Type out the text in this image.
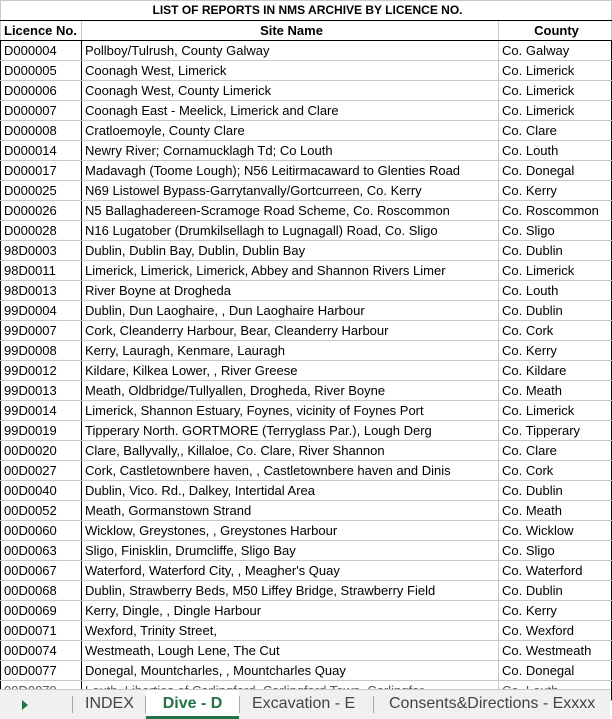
LIST OF REPORTS IN NMS ARCHIVE BY LICENCE NO.		
Licence No.	Site Name	County
D000004	Pollboy/Tulrush, County Galway	Co. Galway
D000005	Coonagh West, Limerick	Co. Limerick
D000006	Coonagh West, County Limerick	Co. Limerick
D000007	Coonagh East - Meelick, Limerick and Clare	Co. Limerick
D000008	Cratloemoyle, County Clare	Co. Clare
D000014	Newry River; Cornamucklagh Td; Co Louth	Co. Louth
D000017	Madavagh (Toome Lough); N56 Leitirmacaward to Glenties Road	Co. Donegal
D000025	N69 Listowel Bypass-Garrytanvally/Gortcurreen, Co. Kerry	Co. Kerry
D000026	N5 Ballaghadereen-Scramoge Road Scheme, Co. Roscommon	Co. Roscommon
D000028	N16 Lugatober (Drumkilsellagh to Lugnagall) Road, Co. Sligo	Co. Sligo
98D0003	Dublin, Dublin Bay, Dublin, Dublin Bay	Co. Dublin
98D0011	Limerick, Limerick, Limerick, Abbey and Shannon Rivers Limer	Co. Limerick
98D0013	River Boyne at Drogheda	Co. Louth
99D0004	Dublin, Dun Laoghaire, , Dun Laoghaire Harbour	Co. Dublin
99D0007	Cork, Cleanderry Harbour, Bear, Cleanderry Harbour	Co. Cork
99D0008	Kerry, Lauragh, Kenmare, Lauragh	Co. Kerry
99D0012	Kildare, Kilkea Lower, , River Greese	Co. Kildare
99D0013	Meath, Oldbridge/Tullyallen, Drogheda, River Boyne	Co. Meath
99D0014	Limerick, Shannon Estuary, Foynes, vicinity of Foynes Port	Co. Limerick
99D0019	Tipperary North. GORTMORE (Terryglass Par.), Lough Derg	Co. Tipperary
00D0020	Clare, Ballyvally,, Killaloe, Co. Clare, River Shannon	Co. Clare
00D0027	Cork, Castletownbere haven, , Castletownbere haven and Dinis	Co. Cork
00D0040	Dublin, Vico. Rd., Dalkey, Intertidal Area	Co. Dublin
00D0052	Meath, Gormanstown Strand	Co. Meath
00D0060	Wicklow, Greystones, , Greystones Harbour	Co. Wicklow
00D0063	Sligo, Finisklin, Drumcliffe, Sligo Bay	Co. Sligo
00D0067	Waterford, Waterford City, , Meagher's Quay	Co. Waterford
00D0068	Dublin, Strawberry Beds, M50 Liffey Bridge, Strawberry Field	Co. Dublin
00D0069	Kerry, Dingle, , Dingle Harbour	Co. Kerry
00D0071	Wexford, Trinity Street,	Co. Wexford
00D0074	Westmeath, Lough Lene, The Cut	Co. Westmeath
00D0077	Donegal, Mountcharles, , Mountcharles Quay	Co. Donegal

INDEX	Dive - D	Excavation - E	Consents&Directions - Exxxx
